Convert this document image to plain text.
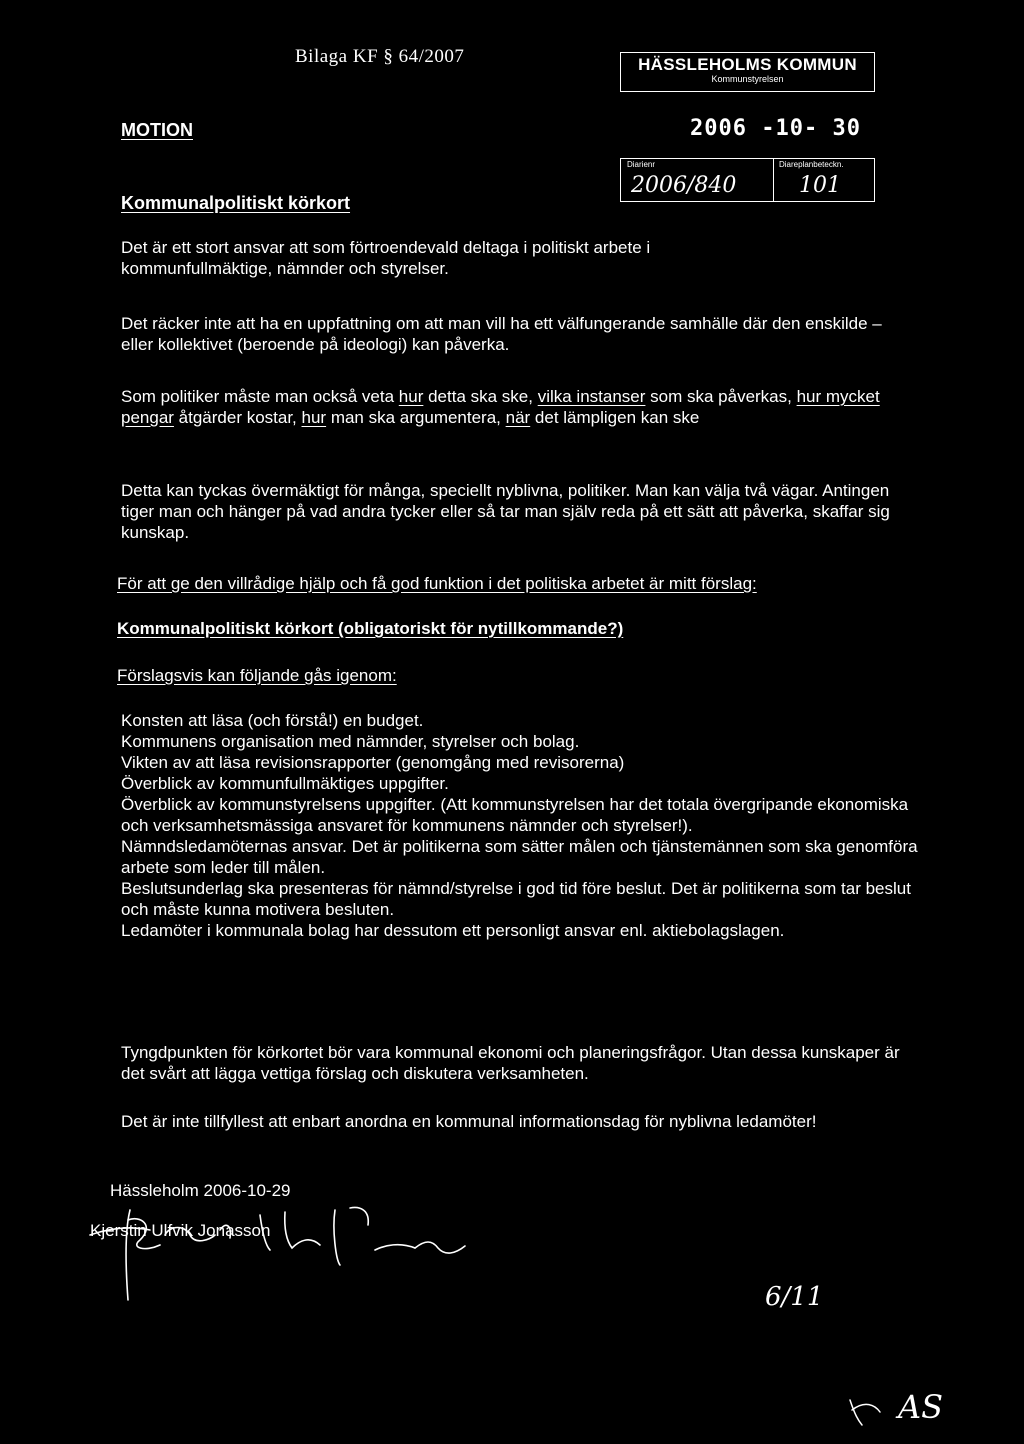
Bilaga KF § 64/2007
MOTION
Kommunalpolitiskt körkort
HÄSSLEHOLMS KOMMUN
Kommunstyrelsen
2006 -10- 30
Diarienr	Diareplanbeteckn.
2006/840	101

Det är ett stort ansvar att som förtroendevald deltaga i politiskt arbete i kommunfullmäktige, nämnder och styrelser.

Det räcker inte att ha en uppfattning om att man vill ha ett välfungerande samhälle där den enskilde – eller kollektivet (beroende på ideologi) kan påverka.

Som politiker måste man också veta hur detta ska ske, vilka instanser som ska påverkas, hur mycket pengar åtgärder kostar, hur man ska argumentera, när det lämpligen kan ske

Detta kan tyckas övermäktigt för många, speciellt nyblivna, politiker. Man kan välja två vägar. Antingen tiger man och hänger på vad andra tycker eller så tar man själv reda på ett sätt att påverka, skaffar sig kunskap.

För att ge den villrådige hjälp och få god funktion i det politiska arbetet är mitt förslag:
Kommunalpolitiskt körkort (obligatoriskt för nytillkommande?)
Förslagsvis kan följande gås igenom:

Konsten att läsa (och förstå!) en budget.

Kommunens organisation med nämnder, styrelser och bolag.

Vikten av att läsa revisionsrapporter (genomgång med revisorerna)

Överblick av kommunfullmäktiges uppgifter.

Överblick av kommunstyrelsens uppgifter. (Att kommunstyrelsen har det totala övergripande ekonomiska och verksamhetsmässiga ansvaret för kommunens nämnder och styrelser!).

Nämndsledamöternas ansvar. Det är politikerna som sätter målen och tjänstemännen som ska genomföra arbete som leder till målen.

Beslutsunderlag ska presenteras för nämnd/styrelse i god tid före beslut. Det är politikerna som tar beslut och måste kunna motivera besluten.

Ledamöter i kommunala bolag har dessutom ett personligt ansvar enl. aktiebolagslagen.

Tyngdpunkten för körkortet bör vara kommunal ekonomi och planeringsfrågor. Utan dessa kunskaper är det svårt att lägga vettiga förslag och diskutera verksamheten.

Det är inte tillfyllest att enbart anordna en kommunal informationsdag för nyblivna ledamöter!

Hässleholm 2006-10-29
Kjerstin Ulfvik Jonasson
6/11
AS
